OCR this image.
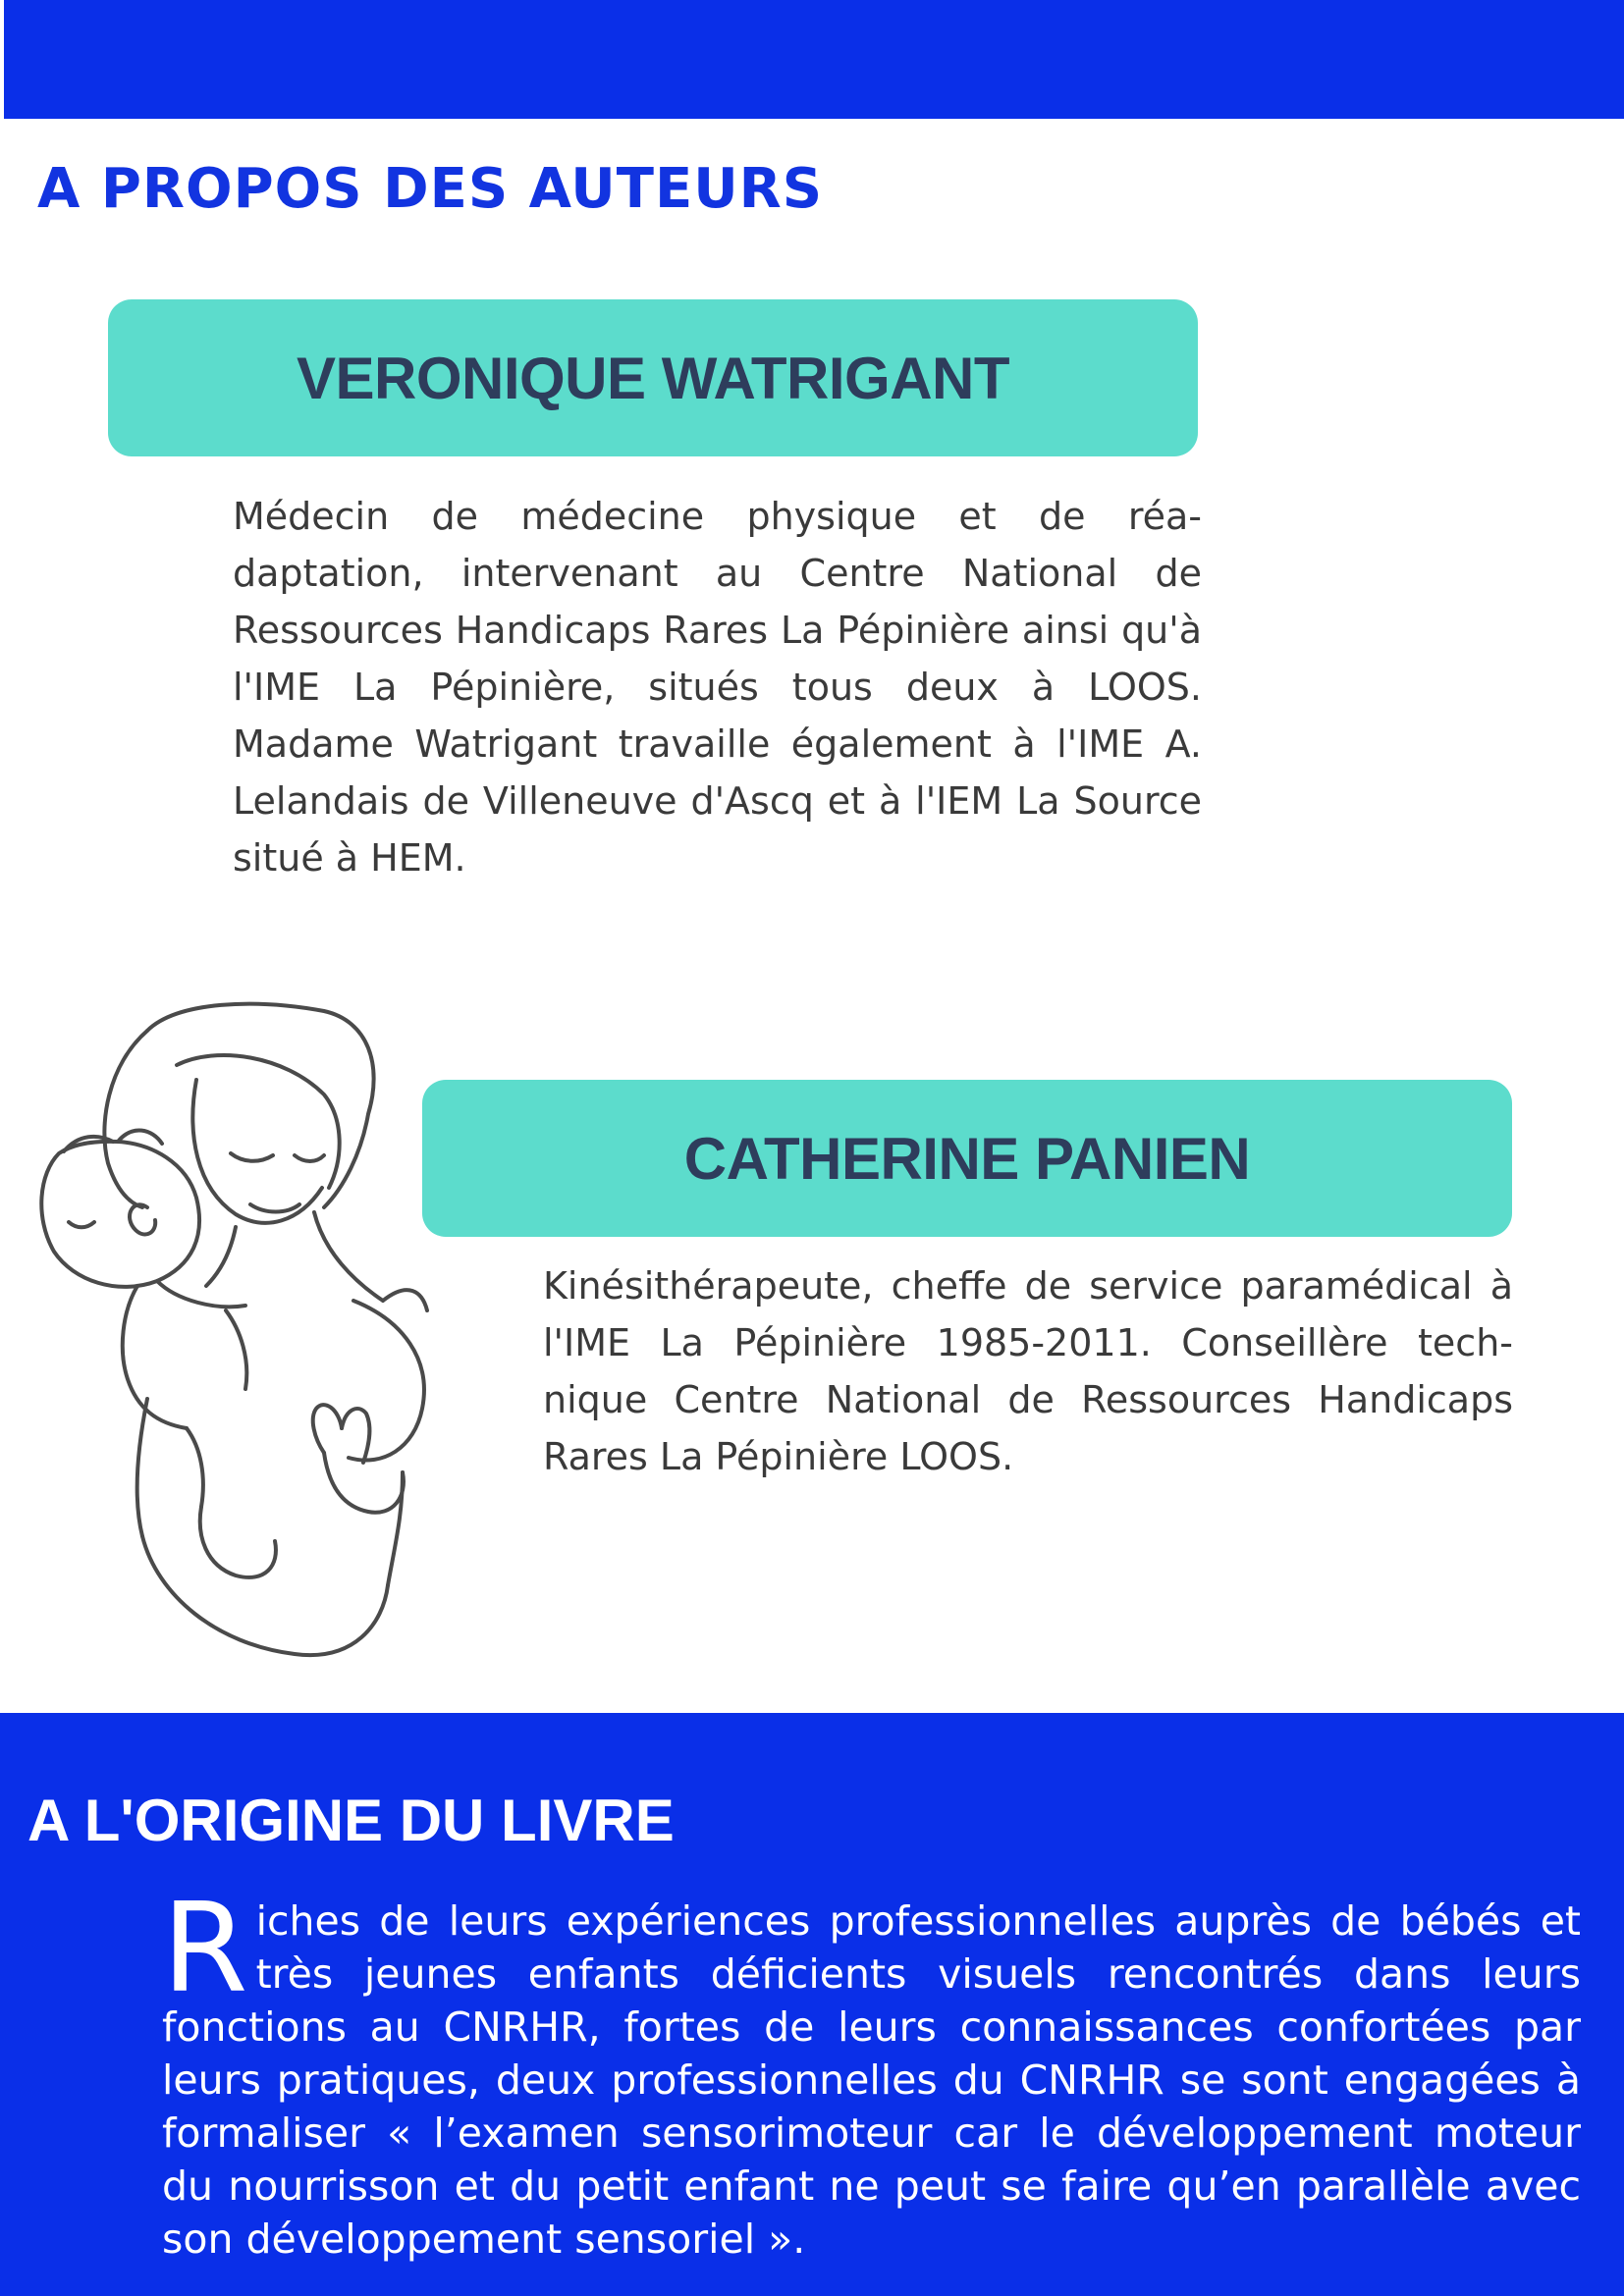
A PROPOS DES AUTEURS
VERONIQUE WATRIGANT

Médecin de médecine physique et de réa-daptation, intervenant au Centre National de Ressources Handicaps Rares La Pépinière ainsi qu'à l'IME La Pépinière, situés tous deux à LOOS. Madame Watrigant travaille également à l'IME A. Lelandais de Villeneuve d'Ascq et à l'IEM La Source situé à HEM.

CATHERINE PANIEN

Kinésithérapeute, cheffe de service paramédical à l'IME La Pépinière 1985-2011. Conseillère tech-nique Centre National de Ressources Handicaps Rares La Pépinière LOOS.

A L'ORIGINE DU LIVRE

Riches de leurs expériences professionnelles auprès de bébés et très jeunes enfants déficients visuels rencontrés dans leurs fonctions au CNRHR, fortes de leurs connaissances confortées par leurs pratiques, deux professionnelles du CNRHR se sont engagées à formaliser « l’examen sensorimoteur car le développement moteur du nourrisson et du petit enfant ne peut se faire qu’en parallèle avec son développement sensoriel ».
